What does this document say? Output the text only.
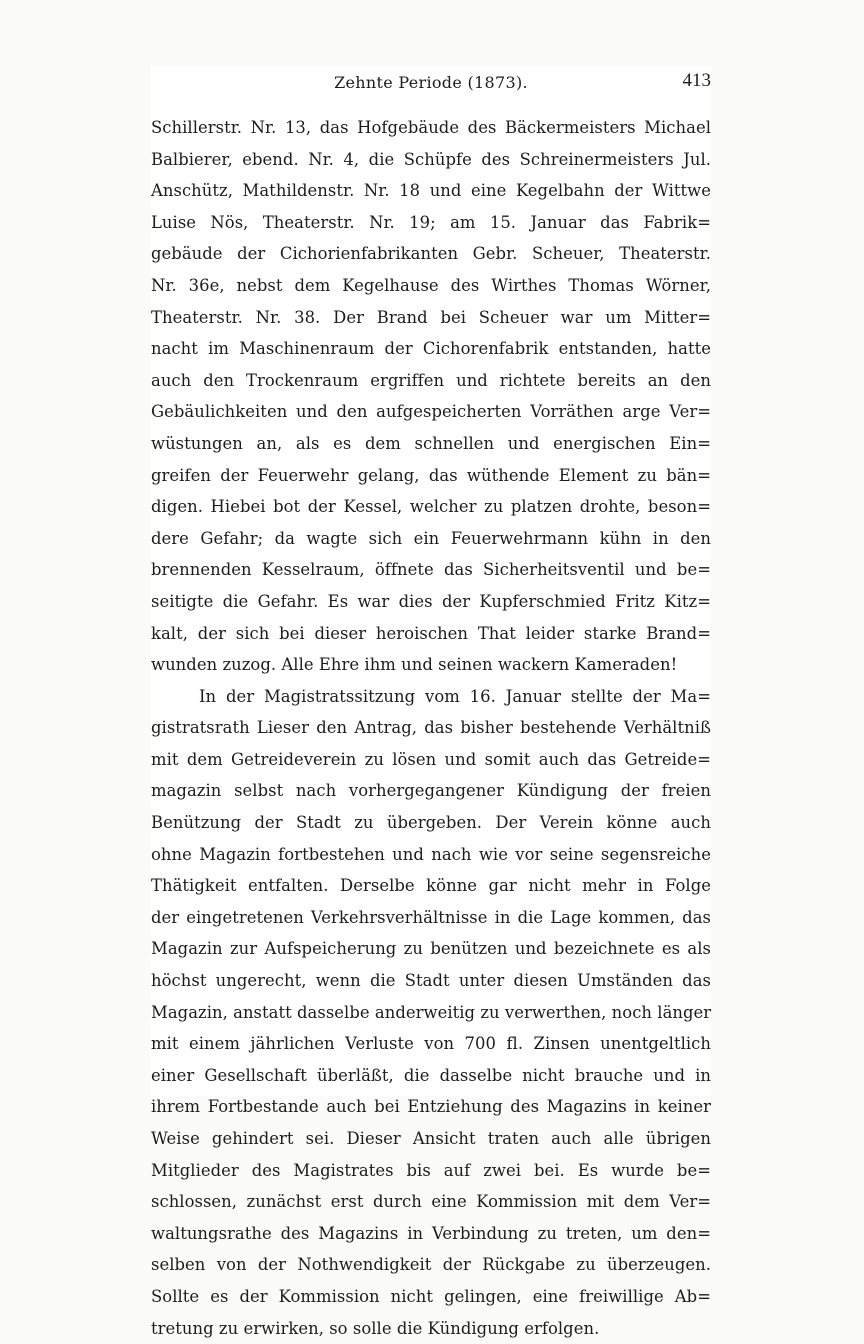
Zehnte Periode (1873).	413
Schillerstr. Nr. 13, das Hofgebäude des Bäckermeisters Michael
Balbierer, ebend. Nr. 4, die Schüpfe des Schreinermeisters Jul.
Anschütz, Mathildenstr. Nr. 18 und eine Kegelbahn der Wittwe
Luise Nös, Theaterstr. Nr. 19; am 15. Januar das Fabrik=
gebäude der Cichorienfabrikanten Gebr. Scheuer, Theaterstr.
Nr. 36e, nebst dem Kegelhause des Wirthes Thomas Wörner,
Theaterstr. Nr. 38. Der Brand bei Scheuer war um Mitter=
nacht im Maschinenraum der Cichorenfabrik entstanden, hatte
auch den Trockenraum ergriffen und richtete bereits an den
Gebäulichkeiten und den aufgespeicherten Vorräthen arge Ver=
wüstungen an, als es dem schnellen und energischen Ein=
greifen der Feuerwehr gelang, das wüthende Element zu bän=
digen. Hiebei bot der Kessel, welcher zu platzen drohte, beson=
dere Gefahr; da wagte sich ein Feuerwehrmann kühn in den
brennenden Kesselraum, öffnete das Sicherheitsventil und be=
seitigte die Gefahr. Es war dies der Kupferschmied Fritz Kitz=
kalt, der sich bei dieser heroischen That leider starke Brand=
wunden zuzog. Alle Ehre ihm und seinen wackern Kameraden!
In der Magistratssitzung vom 16. Januar stellte der Ma=
gistratsrath Lieser den Antrag, das bisher bestehende Verhältniß
mit dem Getreideverein zu lösen und somit auch das Getreide=
magazin selbst nach vorhergegangener Kündigung der freien
Benützung der Stadt zu übergeben. Der Verein könne auch
ohne Magazin fortbestehen und nach wie vor seine segensreiche
Thätigkeit entfalten. Derselbe könne gar nicht mehr in Folge
der eingetretenen Verkehrsverhältnisse in die Lage kommen, das
Magazin zur Aufspeicherung zu benützen und bezeichnete es als
höchst ungerecht, wenn die Stadt unter diesen Umständen das
Magazin, anstatt dasselbe anderweitig zu verwerthen, noch länger
mit einem jährlichen Verluste von 700 fl. Zinsen unentgeltlich
einer Gesellschaft überläßt, die dasselbe nicht brauche und in
ihrem Fortbestande auch bei Entziehung des Magazins in keiner
Weise gehindert sei. Dieser Ansicht traten auch alle übrigen
Mitglieder des Magistrates bis auf zwei bei. Es wurde be=
schlossen, zunächst erst durch eine Kommission mit dem Ver=
waltungsrathe des Magazins in Verbindung zu treten, um den=
selben von der Nothwendigkeit der Rückgabe zu überzeugen.
Sollte es der Kommission nicht gelingen, eine freiwillige Ab=
tretung zu erwirken, so solle die Kündigung erfolgen.
